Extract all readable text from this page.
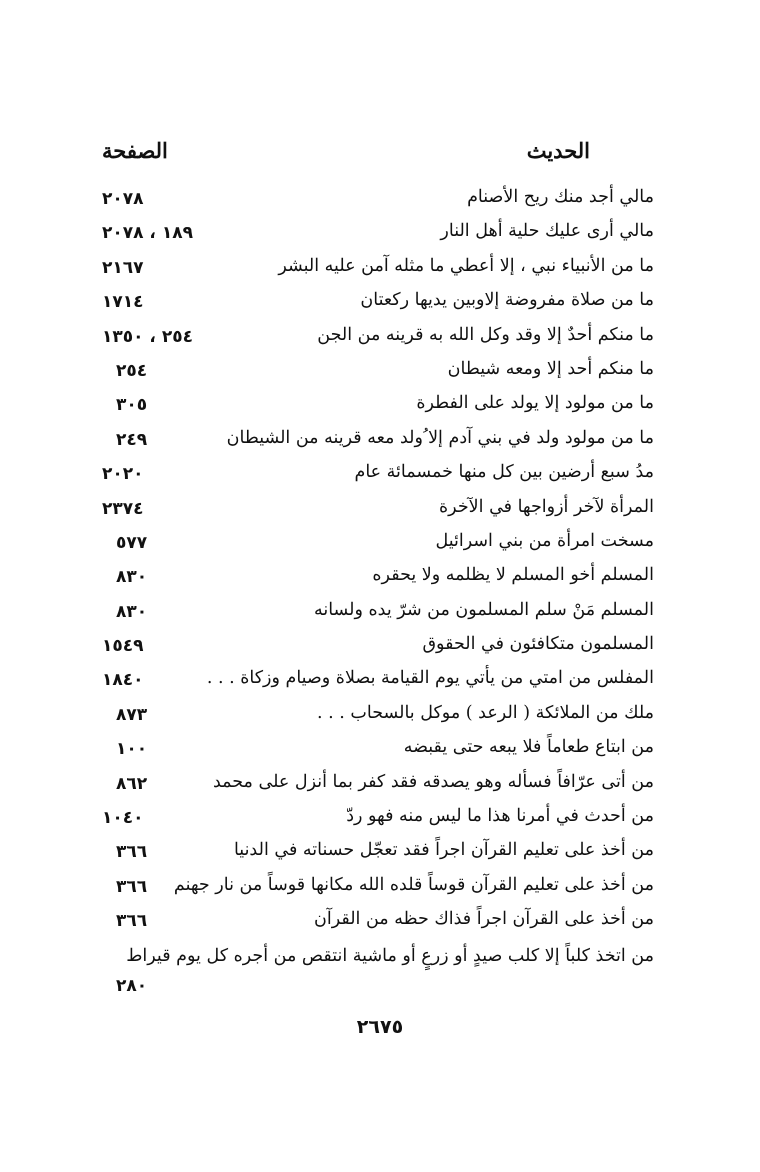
الحديث
الصفحة
مالي أجد منك ريح الأصنام
٢٠٧٨
مالي أرى عليك حلية أهل النار
١٨٩ ، ٢٠٧٨
ما من الأنبياء نبي ، إلا أعطي ما مثله آمن عليه البشر
٢١٦٧
ما من صلاة مفروضة إلاوبين يديها ركعتان
١٧١٤
ما منكم أحدٌ إلا وقد وكل الله به قرينه من الجن
٢٥٤ ، ١٣٥٠
ما منكم أحد إلا ومعه شيطان
٢٥٤
ما من مولود إلا يولد على الفطرة
٣٠٥
ما من مولود ولد في بني آدم إلا ُولد معه قرينه من الشيطان
٢٤٩
مدُ سبع أرضين بين كل منها خمسمائة عام
٢٠٢٠
المرأة لآخر أزواجها في الآخرة
٢٣٧٤
مسخت امرأة من بني اسرائيل
٥٧٧
المسلم أخو المسلم لا يظلمه ولا يحقره
٨٣٠
المسلم مَنْ سلم المسلمون من شرّ يده ولسانه
٨٣٠
المسلمون متكافئون في الحقوق
١٥٤٩
المفلس من امتي من يأتي يوم القيامة بصلاة وصيام وزكاة . . .
١٨٤٠
ملك من الملائكة ( الرعد ) موكل بالسحاب . . .
٨٧٣
من ابتاع طعاماً فلا يبعه حتى يقبضه
١٠٠
من أتى عرّافاً فسأله وهو يصدقه فقد كفر بما أنزل على محمد
٨٦٢
من أحدث في أمرنا هذا ما ليس منه فهو ردّ
١٠٤٠
من أخذ على تعليم القرآن اجراً فقد تعجّل حسناته في الدنيا
٣٦٦
من أخذ على تعليم القرآن قوساً قلده الله مكانها قوساً من نار جهنم
٣٦٦
من أخذ على القرآن اجراً فذاك حظه من القرآن
٣٦٦
من اتخذ كلباً إلا كلب صيدٍ أو زرعٍ أو ماشية انتقص من أجره كل يوم قيراط
٢٨٠
٢٦٧٥
